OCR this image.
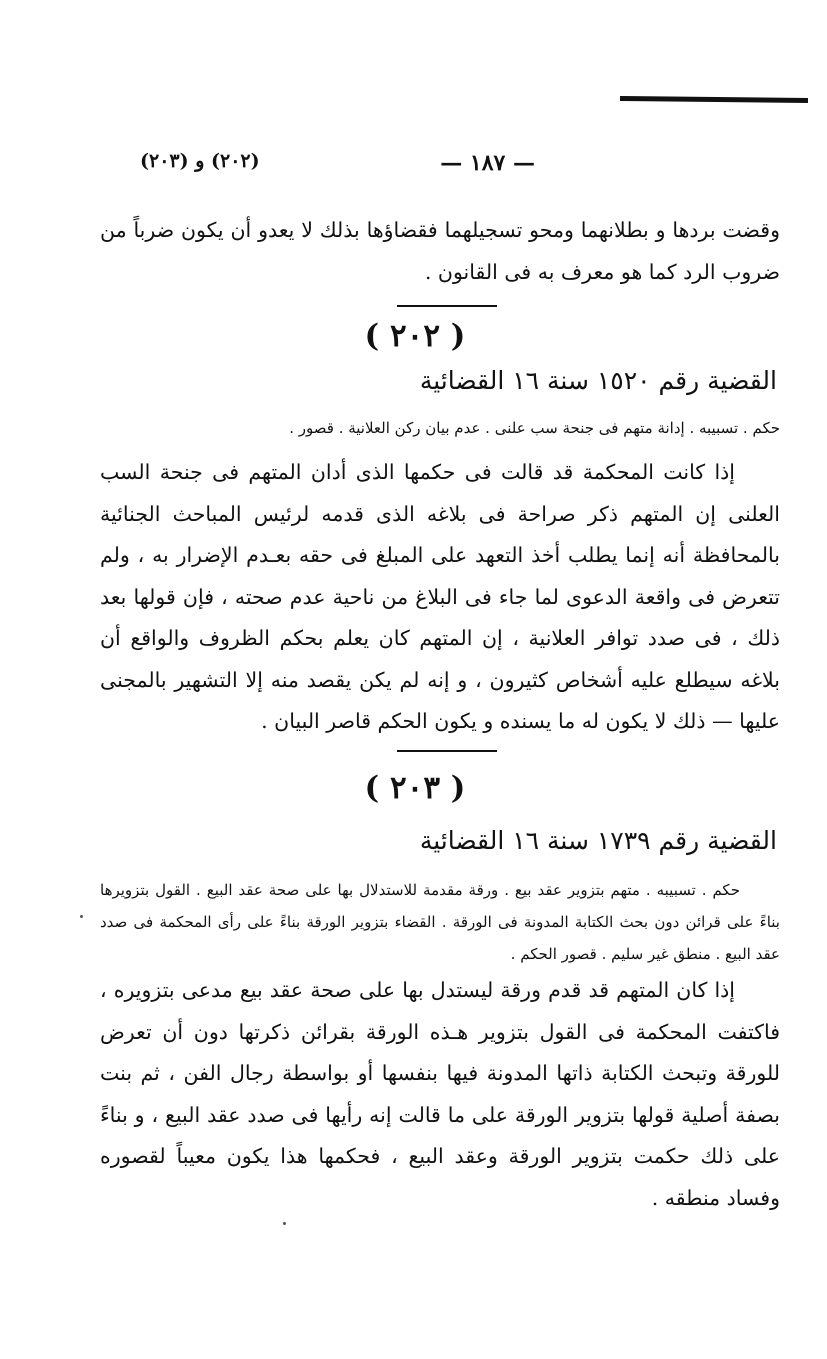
— ١٨٧ —
(٢٠٢) و (٢٠٣)
وقضت بردها و بطلانهما ومحو تسجيلهما فقضاؤها بذلك لا يعدو أن يكون ضرباً من ضروب الرد كما هو معرف به فى القانون .
( ٢٠٢ )
القضية رقم ١٥٢٠ سنة ١٦ القضائية
حكم . تسبيبه . إدانة متهم فى جنحة سب علنى . عدم بيان ركن العلانية . قصور .
إذا كانت المحكمة قد قالت فى حكمها الذى أدان المتهم فى جنحة السب العلنى إن المتهم ذكر صراحة فى بلاغه الذى قدمه لرئيس المباحث الجنائية بالمحافظة أنه إنما يطلب أخذ التعهد على المبلغ فى حقه بعـدم الإضرار به ، ولم تتعرض فى واقعة الدعوى لما جاء فى البلاغ من ناحية عدم صحته ، فإن قولها بعد ذلك ، فى صدد توافر العلانية ، إن المتهم كان يعلم بحكم الظروف والواقع أن بلاغه سيطلع عليه أشخاص كثيرون ، و إنه لم يكن يقصد منه إلا التشهير بالمجنى عليها — ذلك لا يكون له ما يسنده و يكون الحكم قاصر البيان .
( ٢٠٣ )
القضية رقم ١٧٣٩ سنة ١٦ القضائية
حكم . تسبيبه . متهم بتزوير عقد بيع . ورقة مقدمة للاستدلال بها على صحة عقد البيع . القول بتزويرها بناءً على قرائن دون بحث الكتابة المدونة فى الورقة . القضاء بتزوير الورقة بناءً على رأى المحكمة فى صدد عقد البيع . منطق غير سليم . قصور الحكم .
إذا كان المتهم قد قدم ورقة ليستدل بها على صحة عقد بيع مدعى بتزويره ، فاكتفت المحكمة فى القول بتزوير هـذه الورقة بقرائن ذكرتها دون أن تعرض للورقة وتبحث الكتابة ذاتها المدونة فيها بنفسها أو بواسطة رجال الفن ، ثم بنت بصفة أصلية قولها بتزوير الورقة على ما قالت إنه رأيها فى صدد عقد البيع ، و بناءً على ذلك حكمت بتزوير الورقة وعقد البيع ، فحكمها هذا يكون معيباً لقصوره وفساد منطقه .
